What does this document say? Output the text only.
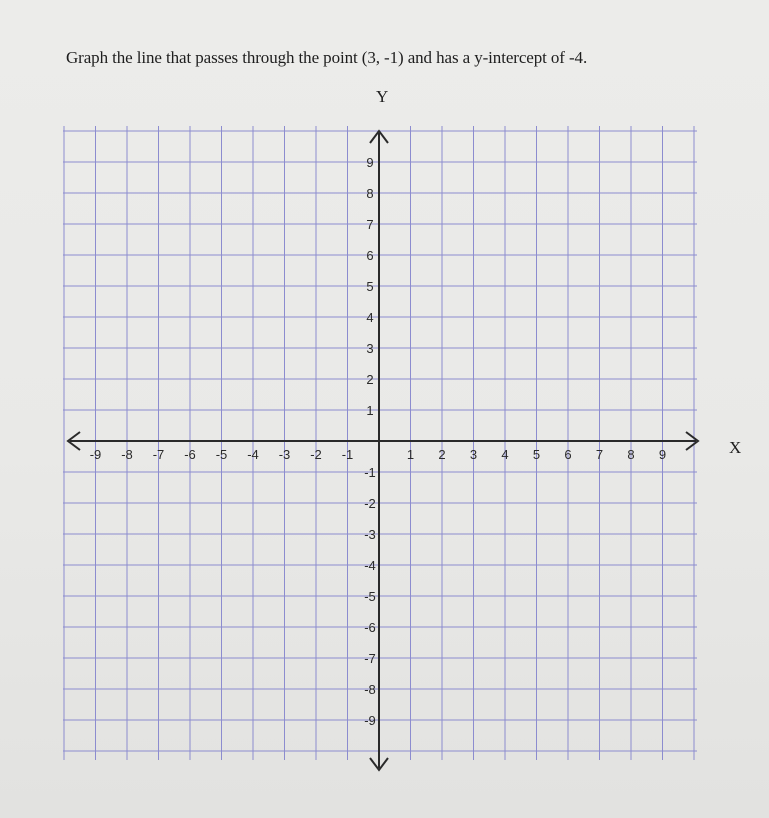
Graph the line that passes through the point (3, -1) and has a y-intercept of -4.
Y
X
-9 -8 -7 -6 -5 -4 -3 -2 -1	1 2 3 4 5 6 7 8 9
9
8
7
6
5
4
3
2
1
-1
-2
-3
-4
-5
-6
-7
-8
-9
